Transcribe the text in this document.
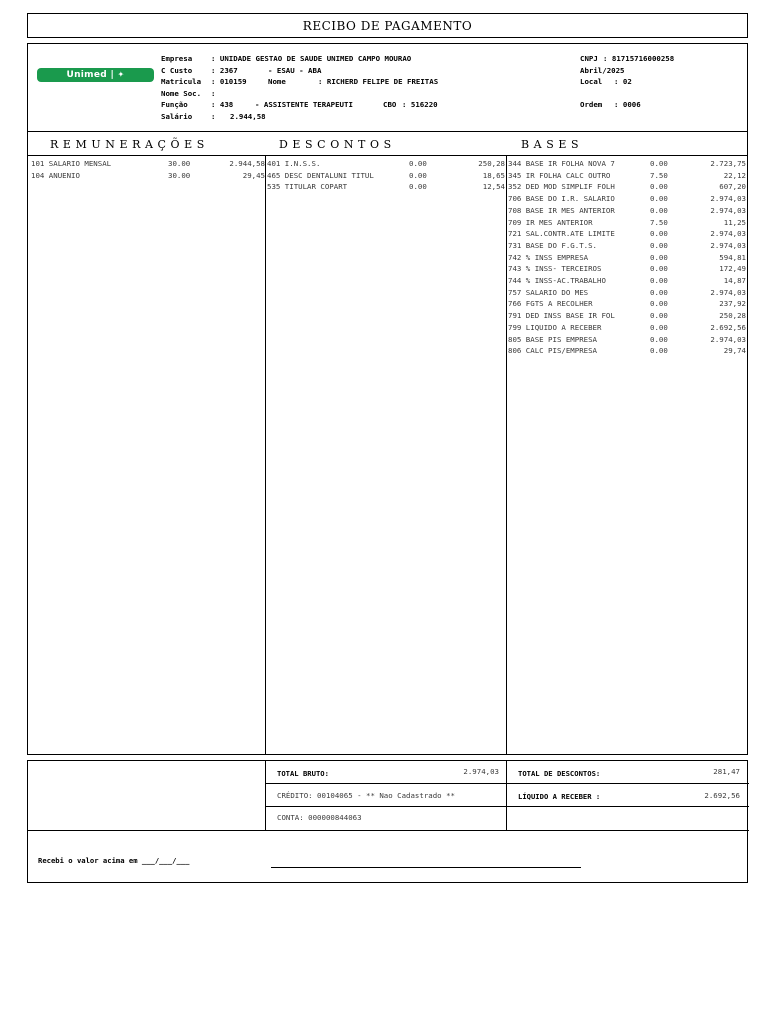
RECIBO DE PAGAMENTO
Unimed | ✦
Empresa	: UNIDADE GESTAO DE SAUDE UNIMED CAMPO MOURAO
C Custo	: 2367	- ESAU - ABA
Matricula : 010159	Nome	: RICHERD FELIPE DE FREITAS
Nome Soc. :
Função	: 438	- ASSISTENTE TERAPEUTI	CBO : 516220
Salário	: 2.944,58
CNPJ : 81715716000258
Abril/2025
Local : 02
Ordem : 0006
REMUNERAÇÕES	DESCONTOS	BASES
101 SALARIO MENSAL	30.00	2.944,58
104 ANUENIO	30.00	29,45
401 I.N.S.S.	0.00	250,28
465 DESC DENTALUNI TITUL	0.00	18,65
535 TITULAR COPART	0.00	12,54
344 BASE IR FOLHA NOVA 7	0.00	2.723,75
345 IR FOLHA CALC OUTRO	7.50	22,12
352 DED MOD SIMPLIF FOLH	0.00	607,20
706 BASE DO I.R. SALARIO	0.00	2.974,03
708 BASE IR MES ANTERIOR	0.00	2.974,03
709 IR MES ANTERIOR	7.50	11,25
721 SAL.CONTR.ATE LIMITE	0.00	2.974,03
731 BASE DO F.G.T.S.	0.00	2.974,03
742 % INSS EMPRESA	0.00	594,81
743 % INSS- TERCEIROS	0.00	172,49
744 % INSS-AC.TRABALHO	0.00	14,87
757 SALARIO DO MES	0.00	2.974,03
766 FGTS A RECOLHER	0.00	237,92
791 DED INSS BASE IR FOL	0.00	250,28
799 LIQUIDO A RECEBER	0.00	2.692,56
805 BASE PIS EMPRESA	0.00	2.974,03
806 CALC PIS/EMPRESA	0.00	29,74
TOTAL BRUTO:	2.974,03	TOTAL DE DESCONTOS:	281,47
CRÉDITO: 00104065 - ** Nao Cadastrado **	LÍQUIDO A RECEBER :	2.692,56
CONTA: 000000844063
Recebi o valor acima em ___/___/___
